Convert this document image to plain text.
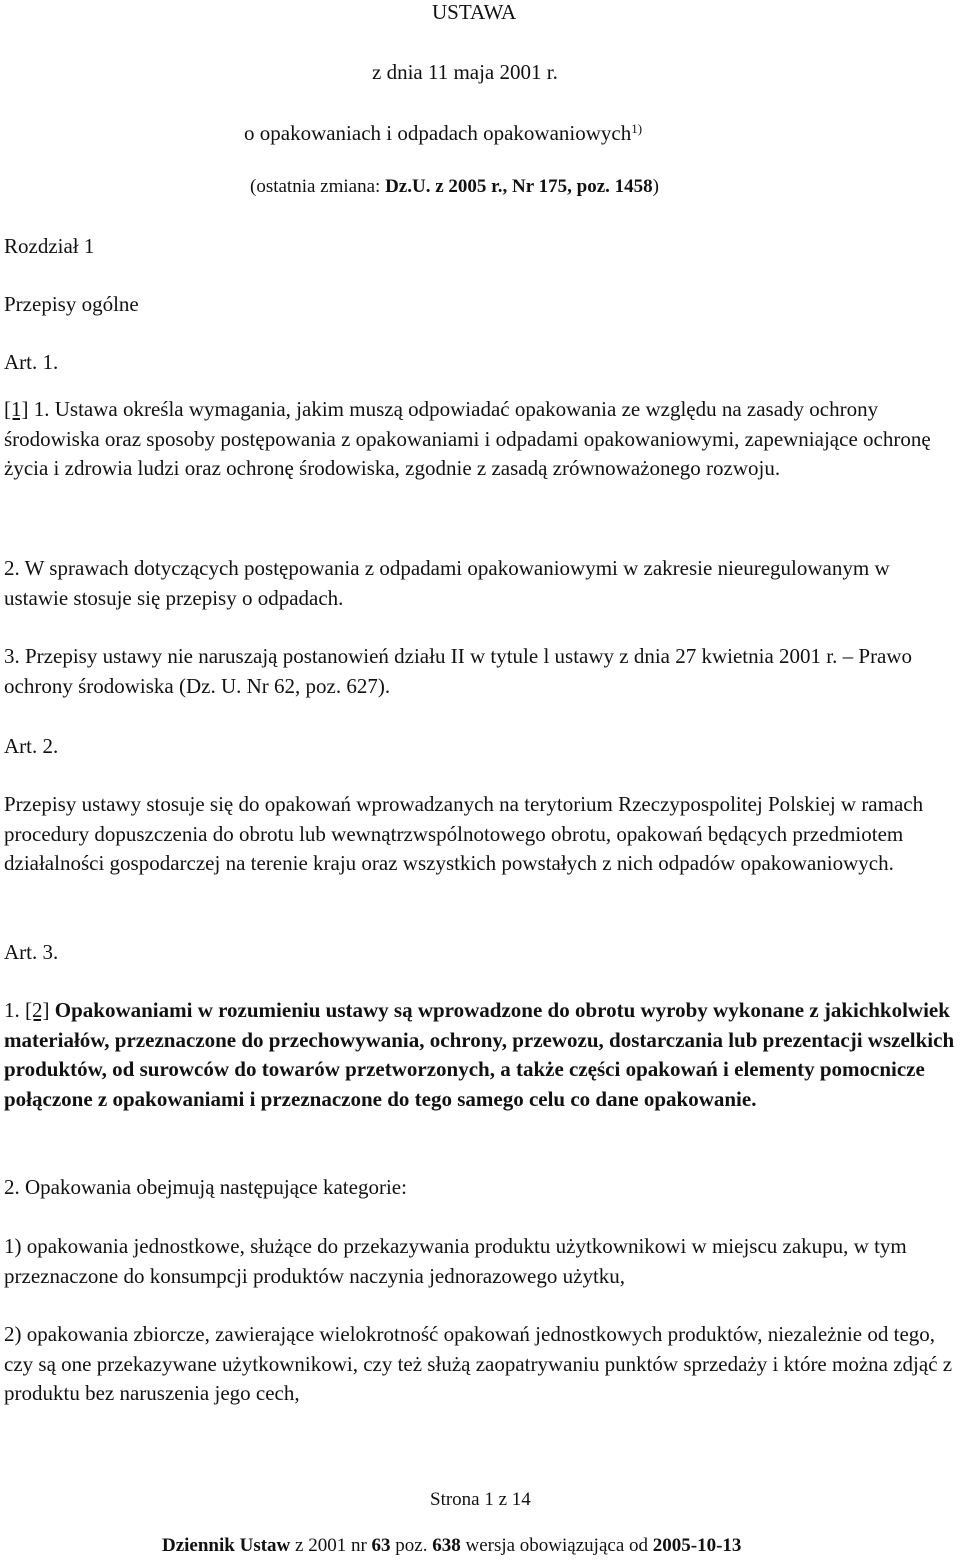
USTAWA
z dnia 11 maja 2001 r.
o opakowaniach i odpadach opakowaniowych$^{1)}$
(ostatnia zmiana: Dz.U. z 2005 r., Nr 175, poz. 1458)
Rozdział 1
Przepisy ogólne
Art. 1.
[1] 1. Ustawa określa wymagania, jakim muszą odpowiadać opakowania ze względu na zasady ochrony środowiska oraz sposoby postępowania z opakowaniami i odpadami opakowaniowymi, zapewniające ochronę życia i zdrowia ludzi oraz ochronę środowiska, zgodnie z zasadą zrównoważonego rozwoju.
2. W sprawach dotyczących postępowania z odpadami opakowaniowymi w zakresie nieuregulowanym w ustawie stosuje się przepisy o odpadach.
3. Przepisy ustawy nie naruszają postanowień działu II w tytule l ustawy z dnia 27 kwietnia 2001 r. – Prawo ochrony środowiska (Dz. U. Nr 62, poz. 627).
Art. 2.
Przepisy ustawy stosuje się do opakowań wprowadzanych na terytorium Rzeczypospolitej Polskiej w ramach procedury dopuszczenia do obrotu lub wewnątrzwspólnotowego obrotu, opakowań będących przedmiotem działalności gospodarczej na terenie kraju oraz wszystkich powstałych z nich odpadów opakowaniowych.
Art. 3.
1. [2] Opakowaniami w rozumieniu ustawy są wprowadzone do obrotu wyroby wykonane z jakichkolwiek materiałów, przeznaczone do przechowywania, ochrony, przewozu, dostarczania lub prezentacji wszelkich produktów, od surowców do towarów przetworzonych, a także części opakowań i elementy pomocnicze połączone z opakowaniami i przeznaczone do tego samego celu co dane opakowanie.
2. Opakowania obejmują następujące kategorie:
1) opakowania jednostkowe, służące do przekazywania produktu użytkownikowi w miejscu zakupu, w tym przeznaczone do konsumpcji produktów naczynia jednorazowego użytku,
2) opakowania zbiorcze, zawierające wielokrotność opakowań jednostkowych produktów, niezależnie od tego, czy są one przekazywane użytkownikowi, czy też służą zaopatrywaniu punktów sprzedaży i które można zdjąć z produktu bez naruszenia jego cech,
Strona 1 z 14
Dziennik Ustaw z 2001 nr 63 poz. 638 wersja obowiązująca od 2005-10-13
